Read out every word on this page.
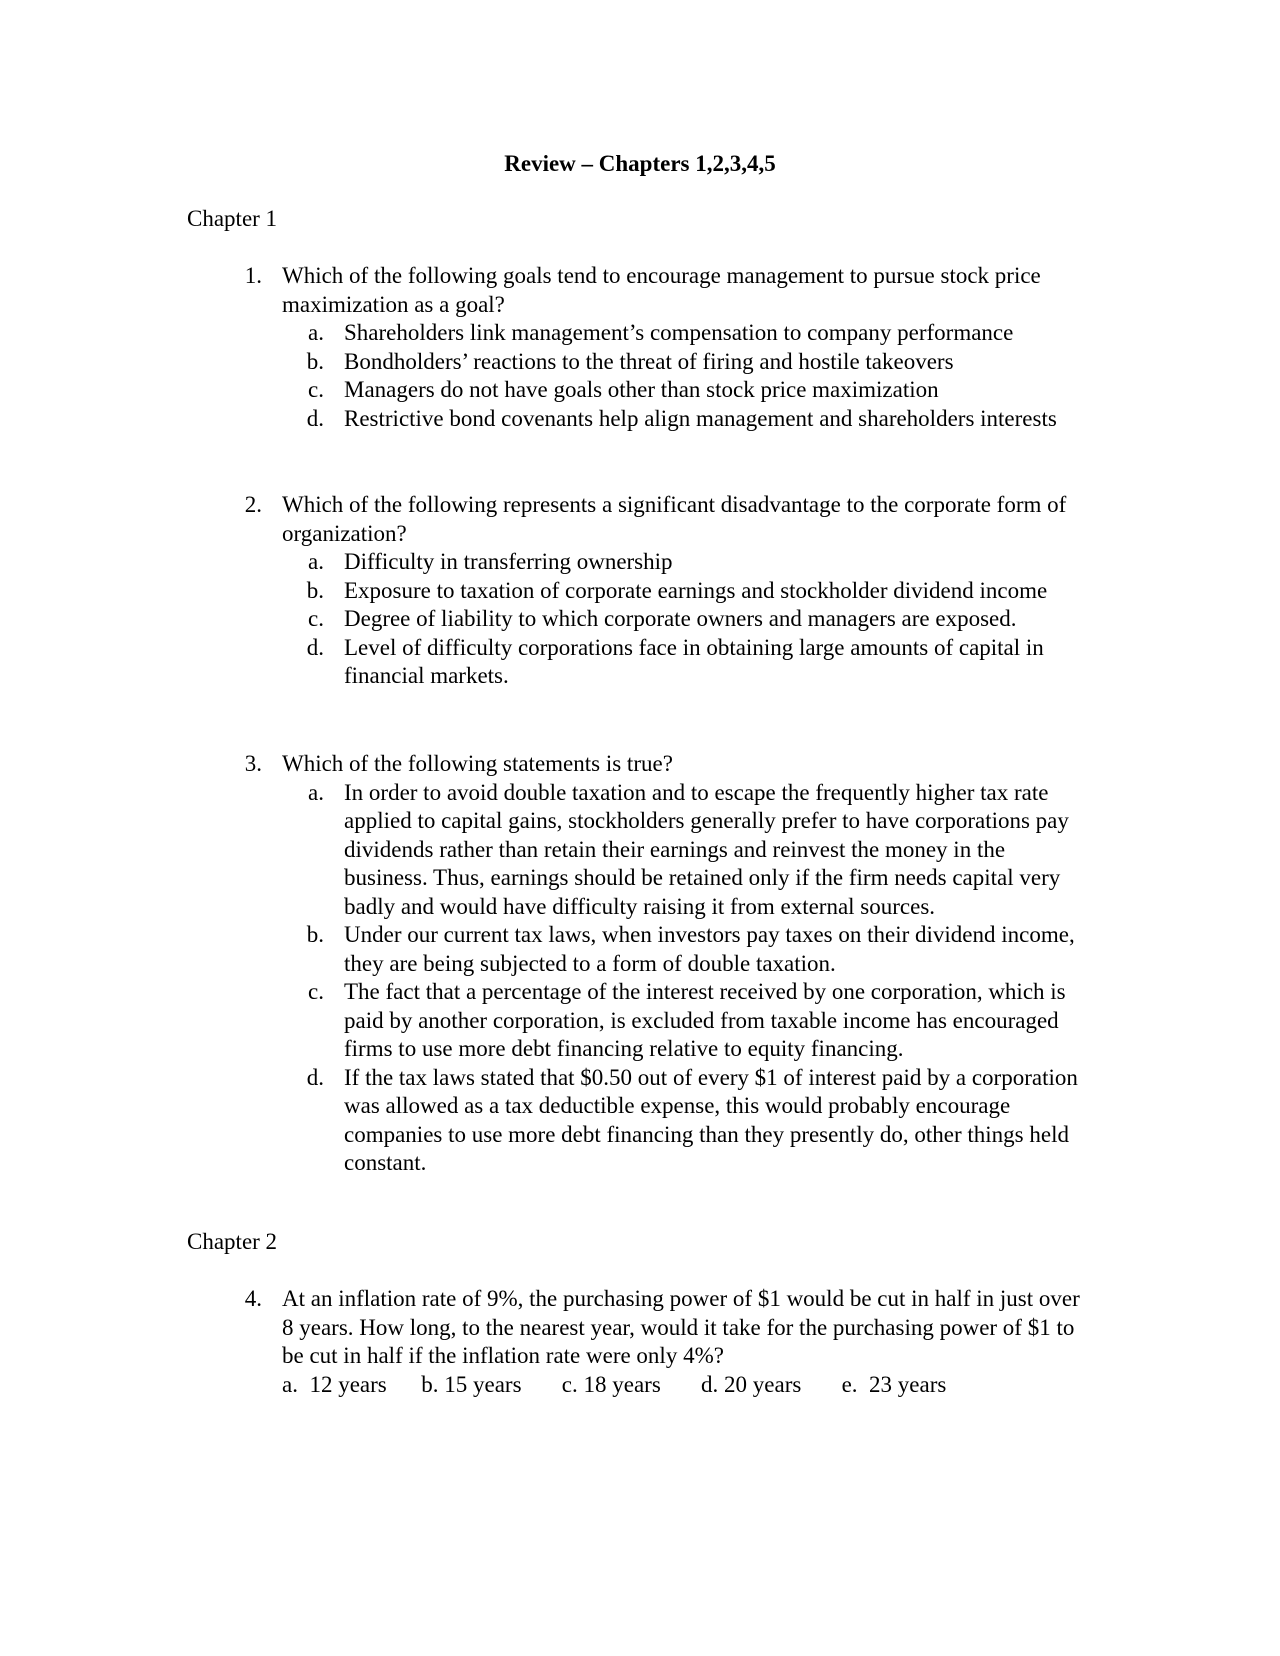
Review – Chapters 1,2,3,4,5
Chapter 1
1. Which of the following goals tend to encourage management to pursue stock price maximization as a goal?
a. Shareholders link management’s compensation to company performance
b. Bondholders’ reactions to the threat of firing and hostile takeovers
c. Managers do not have goals other than stock price maximization
d. Restrictive bond covenants help align management and shareholders interests
2. Which of the following represents a significant disadvantage to the corporate form of organization?
a. Difficulty in transferring ownership
b. Exposure to taxation of corporate earnings and stockholder dividend income
c. Degree of liability to which corporate owners and managers are exposed.
d. Level of difficulty corporations face in obtaining large amounts of capital in financial markets.
3. Which of the following statements is true?
a. In order to avoid double taxation and to escape the frequently higher tax rate applied to capital gains, stockholders generally prefer to have corporations pay dividends rather than retain their earnings and reinvest the money in the business. Thus, earnings should be retained only if the firm needs capital very badly and would have difficulty raising it from external sources.
b. Under our current tax laws, when investors pay taxes on their dividend income, they are being subjected to a form of double taxation.
c. The fact that a percentage of the interest received by one corporation, which is paid by another corporation, is excluded from taxable income has encouraged firms to use more debt financing relative to equity financing.
d. If the tax laws stated that $0.50 out of every $1 of interest paid by a corporation was allowed as a tax deductible expense, this would probably encourage companies to use more debt financing than they presently do, other things held constant.
Chapter 2
4. At an inflation rate of 9%, the purchasing power of $1 would be cut in half in just over 8 years. How long, to the nearest year, would it take for the purchasing power of $1 to be cut in half if the inflation rate were only 4%?
a. 12 years b. 15 years c. 18 years d. 20 years e. 23 years
